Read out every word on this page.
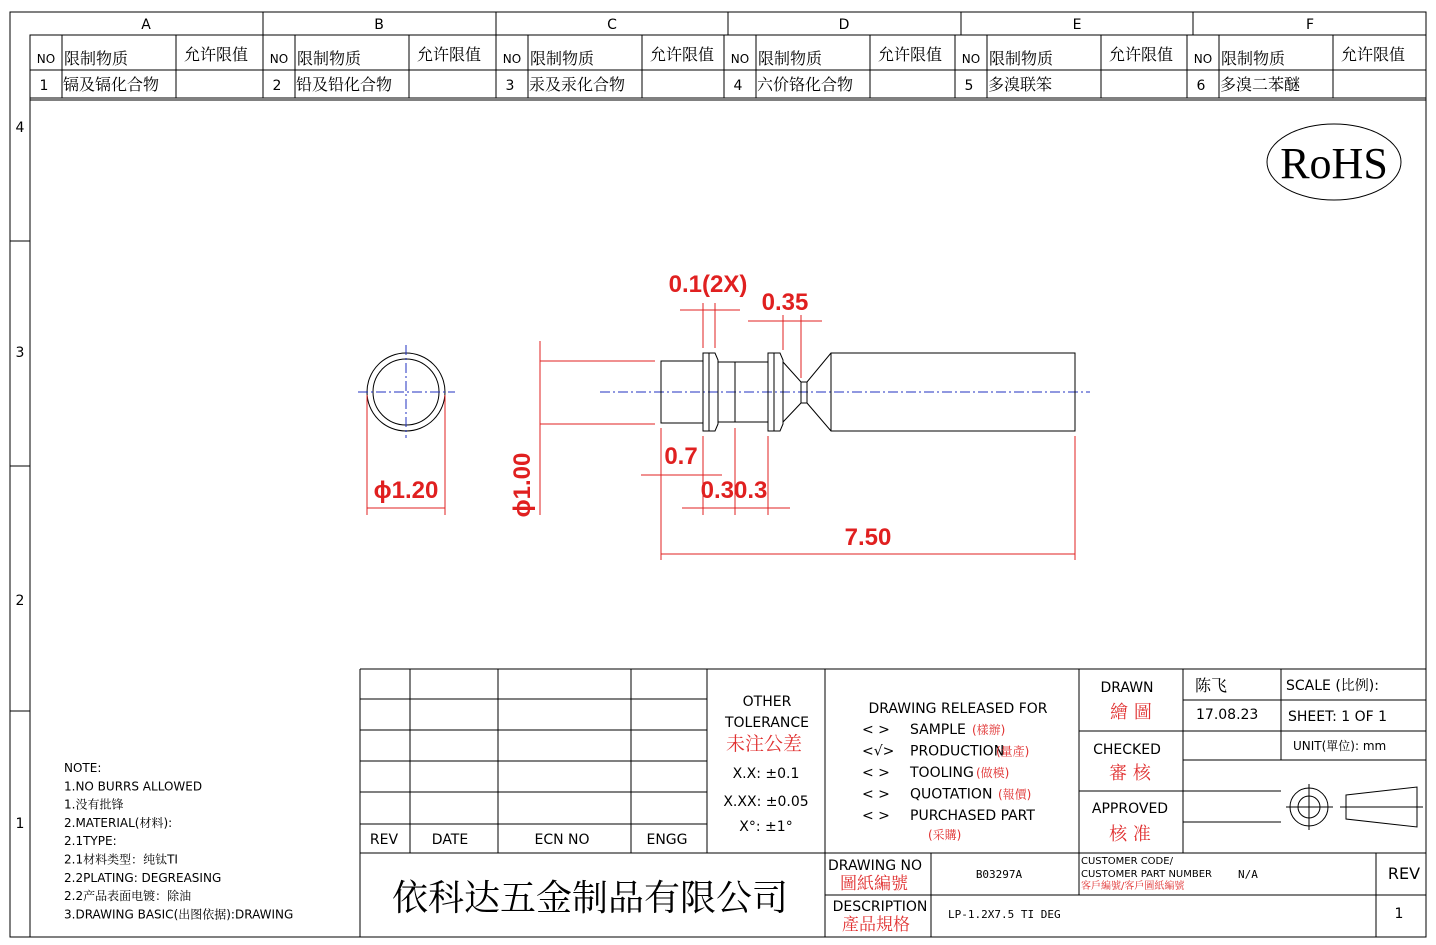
A	B	C	D	E	F
4
3
2
1
NO 限制物质	允许限值
1 镉及镉化合物
NO 限制物质	允许限值
2 铅及铅化合物
NO 限制物质	允许限值
3 汞及汞化合物
NO 限制物质	允许限值
4 六价铬化合物
NO 限制物质	允许限值
5 多溴联笨
NO 限制物质	允许限值
6 多溴二苯醚
RoHS
ϕ1.20	ϕ1.00
0.1(2X)
0.35
0.7
0.30.3
7.50
NOTE:
1.NO BURRS ALLOWED
1.没有批锋
2.MATERIAL(材料):
2.1TYPE:
2.1材料类型：纯钛TI
2.2PLATING: DEGREASING
2.2产品表面电镀：除油
3.DRAWING BASIC(出图依据):DRAWING
REV DATE	ECN NO	ENGG
OTHER
TOLERANCE
未注公差
X.X: ±0.1
X.XX: ±0.05
X°: ±1°
DRAWING RELEASED FOR
< > SAMPLE (樣辦)
<√> PRODUCTION
(量產)
< > TOOLING (做模)
< > QUOTATION (報價)
< > PURCHASED PART
(采購)
DRAWN
繪 圖
陈飞
17.08.23
CHECKED
審 核
APPROVED
核 准
SCALE (比例):
SHEET: 1 OF 1
UNIT(單位): mm
依科达五金制品有限公司
DRAWING NO
圖紙編號	B03297A
CUSTOMER CODE/
CUSTOMER PART NUMBER
客戶編號/客戶圖紙編號
N/A	REV
1
DESCRIPTION
產品規格
LP-1.2X7.5 TI DEG
